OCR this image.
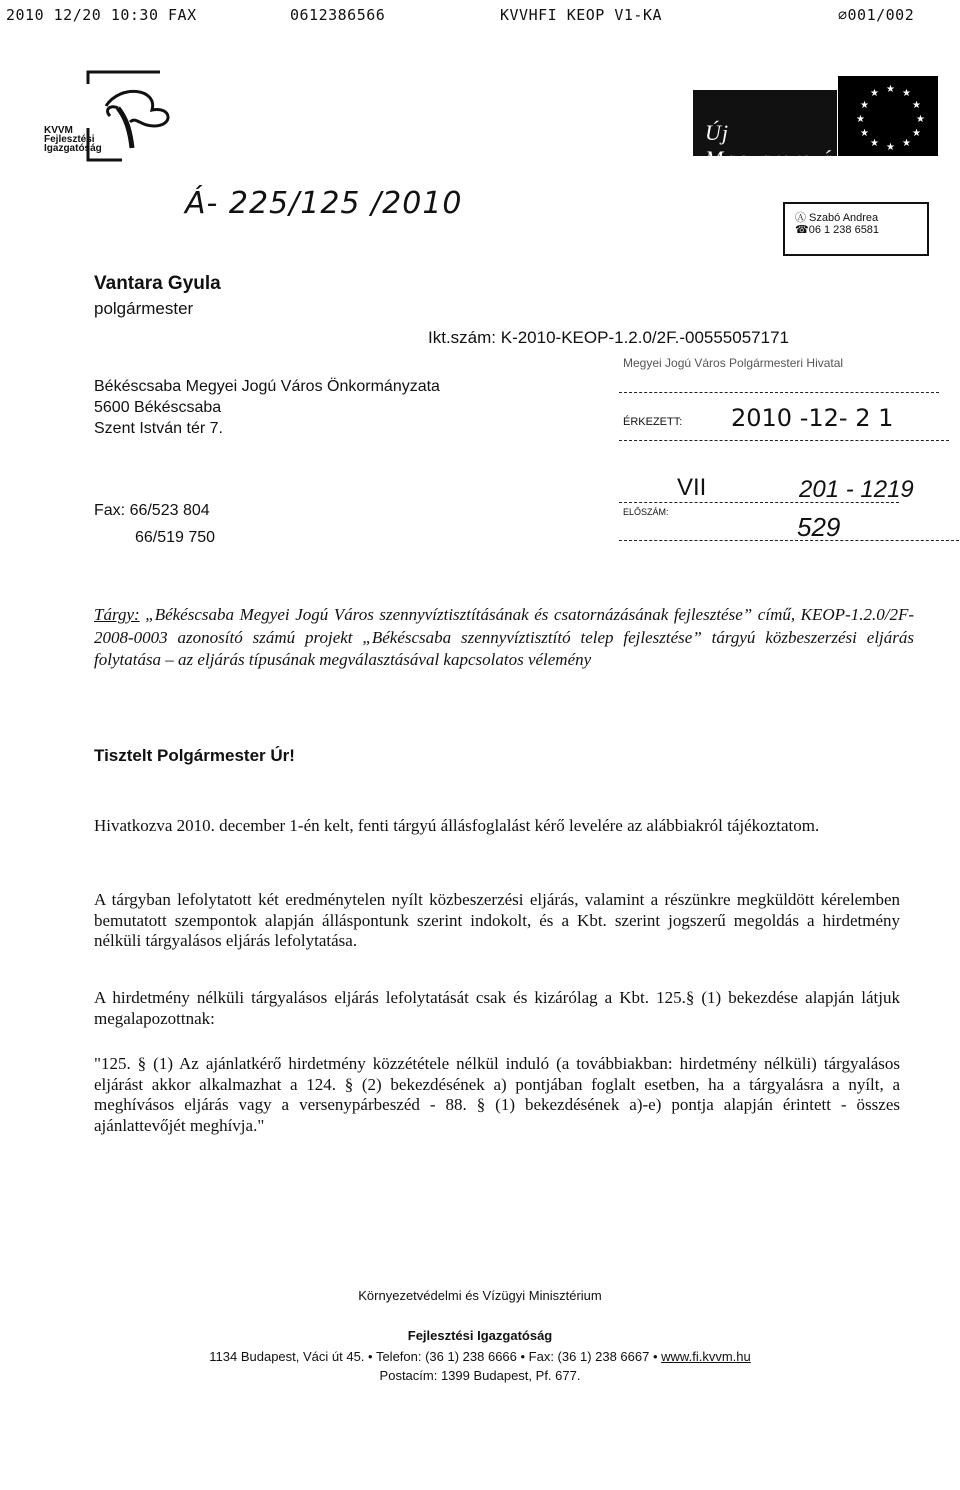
2010 12/20 10:30 FAX	0612386566	KVVHFI KEOP V1-KA	∅001/002
KVVM
Fejlesztési
Igazgatóság
Új Magyarország
★ ★
★
★
★
★
★
★
★
★
★
★
Á- 225/125 /2010	Ⓐ Szabó Andrea
☎06 1 238 6581
Vantara Gyula
polgármester
Békéscsaba Megyei Jogú Város Önkormányzata
5600 Békéscsaba
Szent István tér 7.
Fax: 66/523 804
66/519 750
Ikt.szám: K-2010-KEOP-1.2.0/2F.-00555057171
Megyei Jogú Város Polgármesteri Hivatal
ÉRKEZETT: 2010 -12- 2 1
VII	201 - 1219
ELŐSZÁM:	529
Tárgy: „Békéscsaba Megyei Jogú Város szennyvíztisztításának és csatornázásának fejlesztése” című, KEOP-1.2.0/2F-2008-0003 azonosító számú projekt „Békéscsaba szennyvíztisztító telep fejlesztése” tárgyú közbeszerzési eljárás folytatása – az eljárás típusának megválasztásával kapcsolatos vélemény
Tisztelt Polgármester Úr!
Hivatkozva 2010. december 1-én kelt, fenti tárgyú állásfoglalást kérő levelére az alábbiakról tájékoztatom.
A tárgyban lefolytatott két eredménytelen nyílt közbeszerzési eljárás, valamint a részünkre megküldött kérelemben bemutatott szempontok alapján álláspontunk szerint indokolt, és a Kbt. szerint jogszerű megoldás a hirdetmény nélküli tárgyalásos eljárás lefolytatása.
A hirdetmény nélküli tárgyalásos eljárás lefolytatását csak és kizárólag a Kbt. 125.§ (1) bekezdése alapján látjuk megalapozottnak:
"125. § (1) Az ajánlatkérő hirdetmény közzététele nélkül induló (a továbbiakban: hirdetmény nélküli) tárgyalásos eljárást akkor alkalmazhat a 124. § (2) bekezdésének a) pontjában foglalt esetben, ha a tárgyalásra a nyílt, a meghívásos eljárás vagy a versenypárbeszéd - 88. § (1) bekezdésének a)-e) pontja alapján érintett - összes ajánlattevőjét meghívja."
Környezetvédelmi és Vízügyi Minisztérium
Fejlesztési Igazgatóság
1134 Budapest, Váci út 45. • Telefon: (36 1) 238 6666 • Fax: (36 1) 238 6667 • www.fi.kvvm.hu
Postacím: 1399 Budapest, Pf. 677.
